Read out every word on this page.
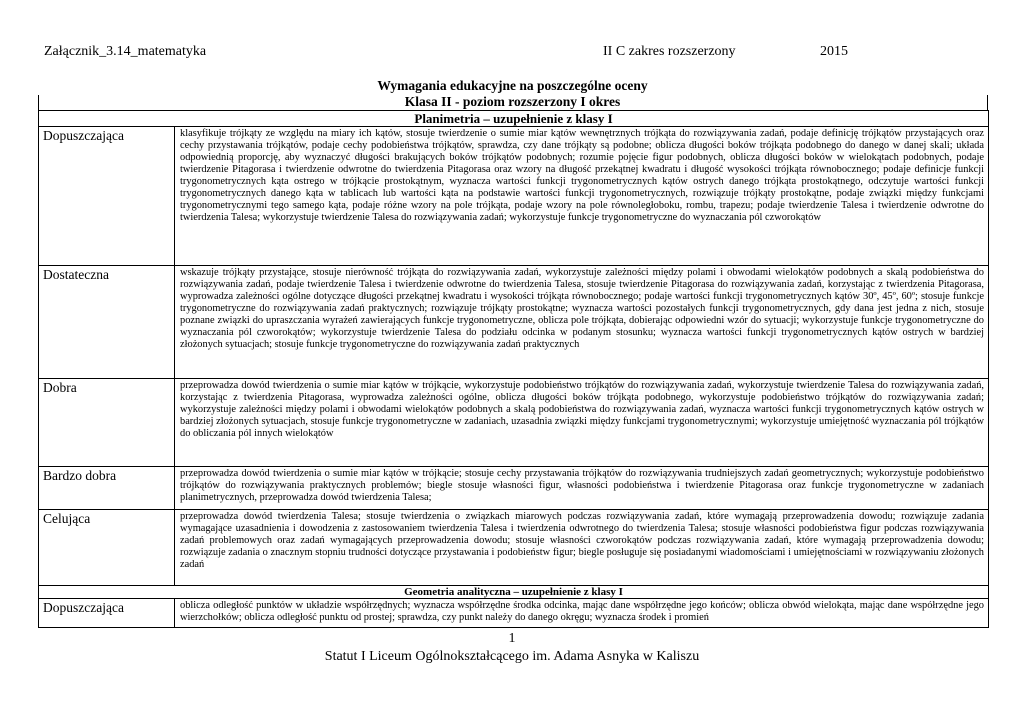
Załącznik_3.14_matematyka	II C zakres rozszerzony	2015
Wymagania edukacyjne na poszczególne oceny
Klasa II - poziom rozszerzony I okres
Planimetria – uzupełnienie z klasy I	
Dopuszczająca	klasyfikuje trójkąty ze względu na miary ich kątów, stosuje twierdzenie o sumie miar kątów wewnętrznych trójkąta do rozwiązywania zadań, podaje definicję trójkątów przystających oraz cechy przystawania trójkątów, podaje cechy podobieństwa trójkątów, sprawdza, czy dane trójkąty są podobne; oblicza długości boków trójkąta podobnego do danego w danej skali; układa odpowiednią proporcję, aby wyznaczyć długości brakujących boków trójkątów podobnych; rozumie pojęcie figur podobnych, oblicza długości boków w wielokątach podobnych, podaje twierdzenie Pitagorasa i twierdzenie odwrotne do twierdzenia Pitagorasa oraz wzory na długość przekątnej kwadratu i długość wysokości trójkąta równobocznego; podaje definicje funkcji trygonometrycznych kąta ostrego w trójkącie prostokątnym, wyznacza wartości funkcji trygonometrycznych kątów ostrych danego trójkąta prostokątnego, odczytuje wartości funkcji trygonometrycznych danego kąta w tablicach lub wartości kąta na podstawie wartości funkcji trygonometrycznych, rozwiązuje trójkąty prostokątne, podaje związki między funkcjami trygonometrycznymi tego samego kąta, podaje różne wzory na pole trójkąta, podaje wzory na pole równoległoboku, rombu, trapezu; podaje twierdzenie Talesa i twierdzenie odwrotne do twierdzenia Talesa; wykorzystuje twierdzenie Talesa do rozwiązywania zadań; wykorzystuje funkcje trygonometryczne do wyznaczania pól czworokątów
Dostateczna	wskazuje trójkąty przystające, stosuje nierówność trójkąta do rozwiązywania zadań, wykorzystuje zależności między polami i obwodami wielokątów podobnych a skalą podobieństwa do rozwiązywania zadań, podaje twierdzenie Talesa i twierdzenie odwrotne do twierdzenia Talesa, stosuje twierdzenie Pitagorasa do rozwiązywania zadań, korzystając z twierdzenia Pitagorasa, wyprowadza zależności ogólne dotyczące długości przekątnej kwadratu i wysokości trójkąta równobocznego; podaje wartości funkcji trygonometrycznych kątów 30º, 45º, 60º; stosuje funkcje trygonometryczne do rozwiązywania zadań praktycznych; rozwiązuje trójkąty prostokątne; wyznacza wartości pozostałych funkcji trygonometrycznych, gdy dana jest jedna z nich, stosuje poznane związki do upraszczania wyrażeń zawierających funkcje trygonometryczne, oblicza pole trójkąta, dobierając odpowiedni wzór do sytuacji; wykorzystuje funkcje trygonometryczne do wyznaczania pól czworokątów; wykorzystuje twierdzenie Talesa do podziału odcinka w podanym stosunku; wyznacza wartości funkcji trygonometrycznych kątów ostrych w bardziej złożonych sytuacjach; stosuje funkcje trygonometryczne do rozwiązywania zadań praktycznych
Dobra	przeprowadza dowód twierdzenia o sumie miar kątów w trójkącie, wykorzystuje podobieństwo trójkątów do rozwiązywania zadań, wykorzystuje twierdzenie Talesa do rozwiązywania zadań, korzystając z twierdzenia Pitagorasa, wyprowadza zależności ogólne, oblicza długości boków trójkąta podobnego, wykorzystuje podobieństwo trójkątów do rozwiązywania zadań; wykorzystuje zależności między polami i obwodami wielokątów podobnych a skalą podobieństwa do rozwiązywania zadań, wyznacza wartości funkcji trygonometrycznych kątów ostrych w bardziej złożonych sytuacjach, stosuje funkcje trygonometryczne w zadaniach, uzasadnia związki między funkcjami trygonometrycznymi; wykorzystuje umiejętność wyznaczania pól trójkątów do obliczania pól innych wielokątów
Bardzo dobra	przeprowadza dowód twierdzenia o sumie miar kątów w trójkącie; stosuje cechy przystawania trójkątów do rozwiązywania trudniejszych zadań geometrycznych; wykorzystuje podobieństwo trójkątów do rozwiązywania praktycznych problemów; biegle stosuje własności figur, własności podobieństwa i twierdzenie Pitagorasa oraz funkcje trygonometryczne w zadaniach planimetrycznych, przeprowadza dowód twierdzenia Talesa;
Celująca	przeprowadza dowód twierdzenia Talesa; stosuje twierdzenia o związkach miarowych podczas rozwiązywania zadań, które wymagają przeprowadzenia dowodu; rozwiązuje zadania wymagające uzasadnienia i dowodzenia z zastosowaniem twierdzenia Talesa i twierdzenia odwrotnego do twierdzenia Talesa; stosuje własności podobieństwa figur podczas rozwiązywania zadań problemowych oraz zadań wymagających przeprowadzenia dowodu; stosuje własności czworokątów podczas rozwiązywania zadań, które wymagają przeprowadzenia dowodu; rozwiązuje zadania o znacznym stopniu trudności dotyczące przystawania i podobieństw figur; biegle posługuje się posiadanymi wiadomościami i umiejętnościami w rozwiązywaniu złożonych zadań
Geometria analityczna – uzupełnienie z klasy I	
Dopuszczająca	oblicza odległość punktów w układzie współrzędnych; wyznacza współrzędne środka odcinka, mając dane współrzędne jego końców; oblicza obwód wielokąta, mając dane współrzędne jego wierzchołków; oblicza odległość punktu od prostej; sprawdza, czy punkt należy do danego okręgu; wyznacza środek i promień
1
Statut I Liceum Ogólnokształcącego im. Adama Asnyka w Kaliszu
